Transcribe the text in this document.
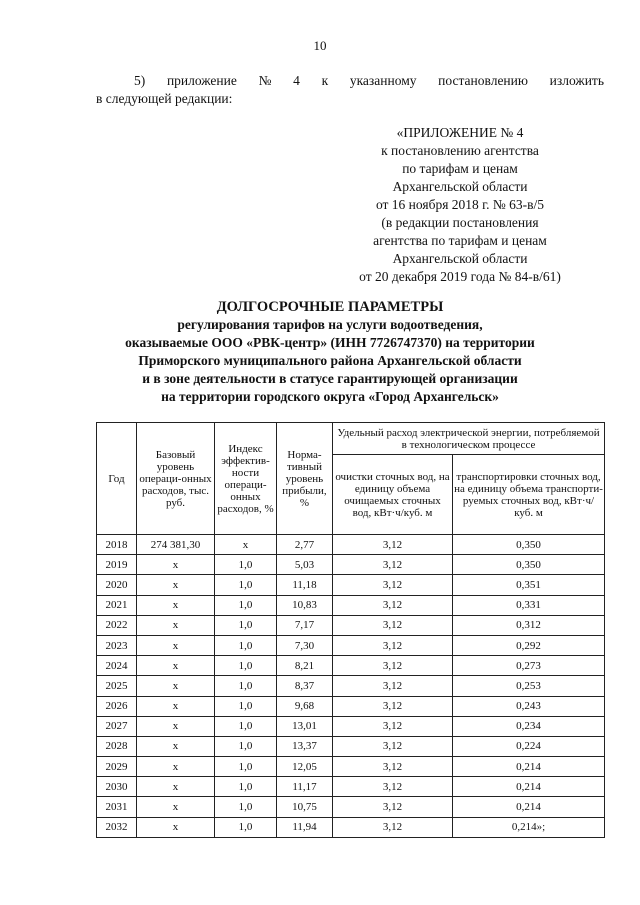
10
5) приложение № 4 к указанному постановлению изложить
в следующей редакции:
«ПРИЛОЖЕНИЕ № 4
к постановлению агентства
по тарифам и ценам
Архангельской области
от 16 ноября 2018 г. № 63-в/5
(в редакции постановления
агентства по тарифам и ценам
Архангельской области
от 20 декабря 2019 года № 84-в/61)
ДОЛГОСРОЧНЫЕ ПАРАМЕТРЫ
регулирования тарифов на услуги водоотведения,
оказываемые ООО «РВК-центр» (ИНН 7726747370) на территории
Приморского муниципального района Архангельской области
и в зоне деятельности в статусе гарантирующей организации
на территории городского округа «Город Архангельск»
Год	Базовый уровень операци-онных расходов, тыс. руб.	Индекс эффектив-ности операци-онных расходов, %	Норма-тивный уровень прибыли, %	Удельный расход электрической энергии, потребляемой в технологическом процессе	
				очистки сточных вод, на единицу объема очищаемых сточных вод, кВт·ч/куб. м	транспортировки сточных вод, на единицу объема транспорти-руемых сточных вод, кВт·ч/куб. м
2018	274 381,30	x	2,77	3,12	0,350
2019	x	1,0	5,03	3,12	0,350
2020	x	1,0	11,18	3,12	0,351
2021	x	1,0	10,83	3,12	0,331
2022	x	1,0	7,17	3,12	0,312
2023	x	1,0	7,30	3,12	0,292
2024	x	1,0	8,21	3,12	0,273
2025	x	1,0	8,37	3,12	0,253
2026	x	1,0	9,68	3,12	0,243
2027	x	1,0	13,01	3,12	0,234
2028	x	1,0	13,37	3,12	0,224
2029	x	1,0	12,05	3,12	0,214
2030	x	1,0	11,17	3,12	0,214
2031	x	1,0	10,75	3,12	0,214
2032	x	1,0	11,94	3,12	0,214»;
